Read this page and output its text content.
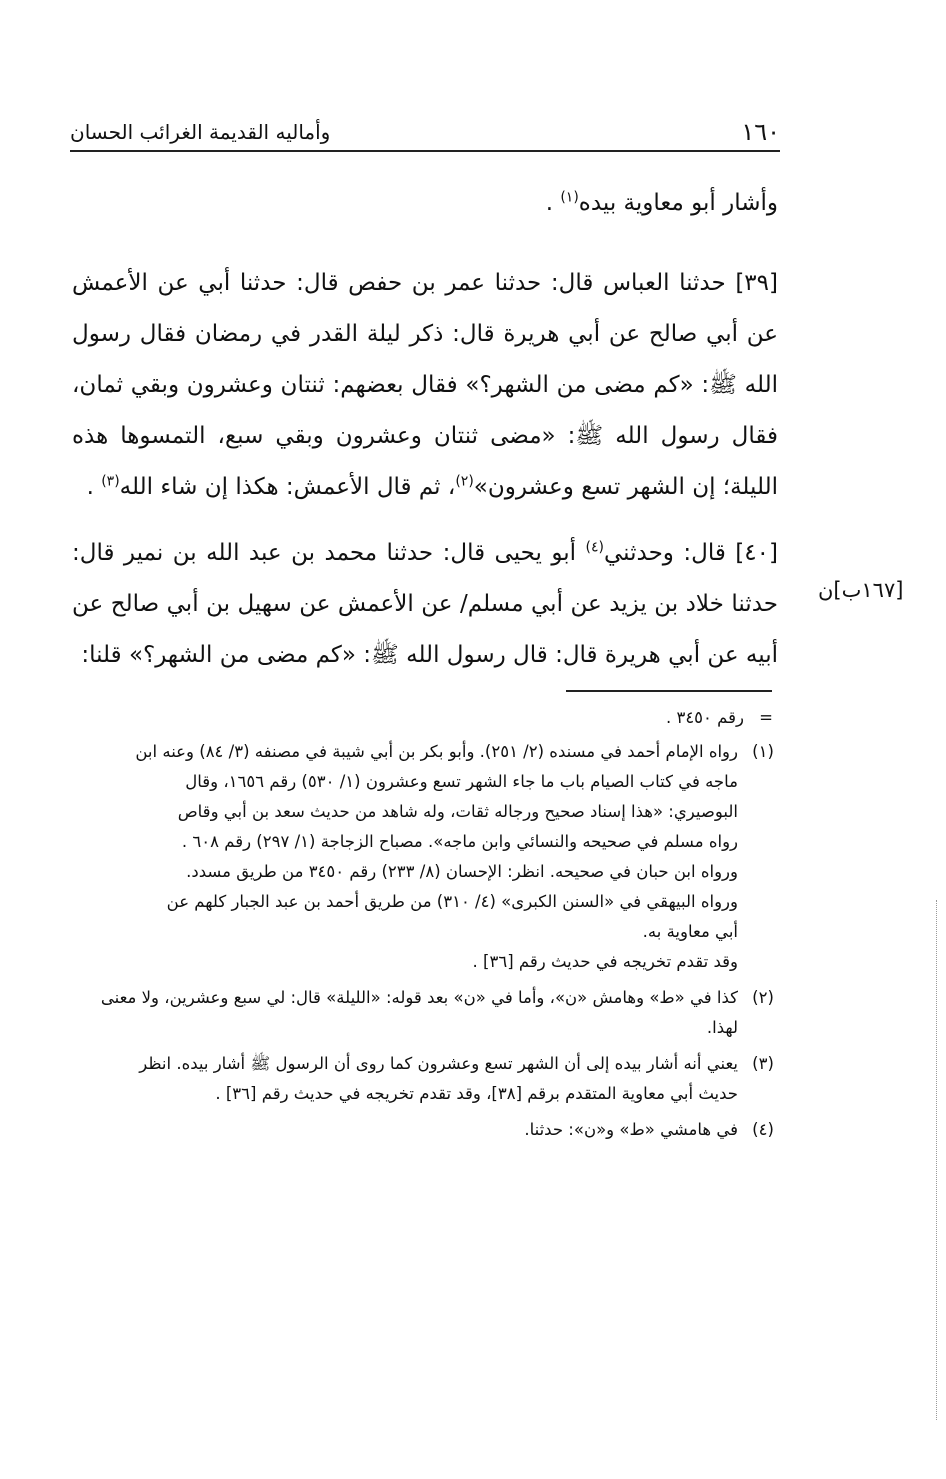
١٦٠
وأماليه القديمة الغرائب الحسان

وأشار أبو معاوية بيده$^{(١)}$ .

[٣٩] حدثنا العباس قال: حدثنا عمر بن حفص قال: حدثنا أبي عن الأعمش عن أبي صالح عن أبي هريرة قال: ذكر ليلة القدر في رمضان فقال رسول الله ﷺ: «كم مضى من الشهر؟» فقال بعضهم: ثنتان وعشرون وبقي ثمان، فقال رسول الله ﷺ: «مضى ثنتان وعشرون وبقي سبع، التمسوها هذه الليلة؛ إن الشهر تسع وعشرون»$^{(٢)}$، ثم قال الأعمش: هكذا إن شاء الله$^{(٣)}$ .

[٤٠] قال: وحدثني$^{(٤)}$ أبو يحيى قال: حدثنا محمد بن عبد الله بن نمير قال: حدثنا خلاد بن يزيد عن أبي مسلم/ عن الأعمش عن سهيل بن أبي صالح عن أبيه عن أبي هريرة قال: قال رسول الله ﷺ: «كم مضى من الشهر؟» قلنا:

[١٦٧ب]ن
=
رقم ٣٤٥٠ .
(١)
رواه الإمام أحمد في مسنده (٢/ ٢٥١). وأبو بكر بن أبي شيبة في مصنفه (٣/ ٨٤) وعنه ابن
ماجه في كتاب الصيام باب ما جاء الشهر تسع وعشرون (١/ ٥٣٠) رقم ١٦٥٦، وقال
البوصيري: «هذا إسناد صحيح ورجاله ثقات، وله شاهد من حديث سعد بن أبي وقاص
رواه مسلم في صحيحه والنسائي وابن ماجه». مصباح الزجاجة (١/ ٢٩٧) رقم ٦٠٨ .
ورواه ابن حبان في صحيحه. انظر: الإحسان (٨/ ٢٣٣) رقم ٣٤٥٠ من طريق مسدد.
ورواه البيهقي في «السنن الكبرى» (٤/ ٣١٠) من طريق أحمد بن عبد الجبار كلهم عن
أبي معاوية به.
وقد تقدم تخريجه في حديث رقم [٣٦] .
(٢)
كذا في «ط» وهامش «ن»، وأما في «ن» بعد قوله: «الليلة» قال: لي سبع وعشرين، ولا معنى
لهذا.
(٣)
يعني أنه أشار بيده إلى أن الشهر تسع وعشرون كما روى أن الرسول ﷺ أشار بيده. انظر
حديث أبي معاوية المتقدم برقم [٣٨]، وقد تقدم تخريجه في حديث رقم [٣٦] .
(٤)
في هامشي «ط» و«ن»: حدثنا.
